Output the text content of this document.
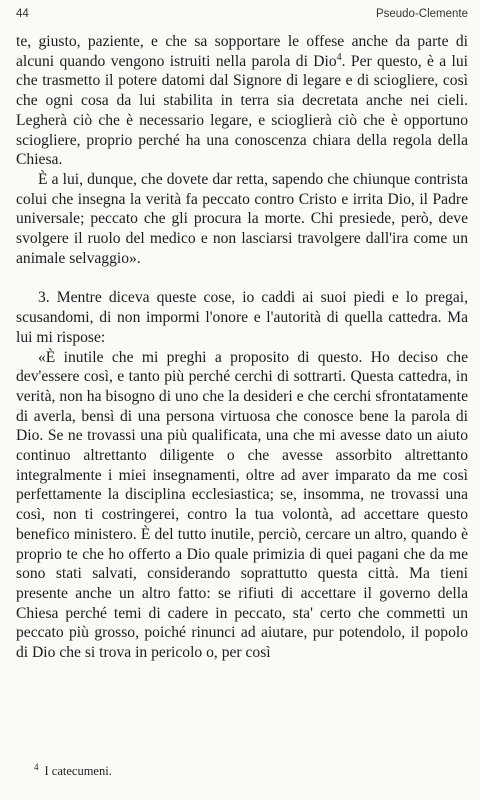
44	Pseudo-Clemente

te, giusto, paziente, e che sa sopportare le offese anche da parte di alcuni quando vengono istruiti nella parola di Dio$^4$. Per questo, è a lui che trasmetto il potere datomi dal Signore di legare e di sciogliere, così che ogni cosa da lui stabilita in terra sia decretata anche nei cieli. Legherà ciò che è necessario legare, e scioglierà ciò che è opportuno sciogliere, proprio perché ha una conoscenza chiara della regola della Chiesa.

È a lui, dunque, che dovete dar retta, sapendo che chiunque contrista colui che insegna la verità fa peccato contro Cristo e irrita Dio, il Padre universale; peccato che gli procura la morte. Chi presiede, però, deve svolgere il ruolo del medico e non lasciarsi travolgere dall'ira come un animale selvaggio».

3. Mentre diceva queste cose, io caddi ai suoi piedi e lo pregai, scusandomi, di non impormi l'onore e l'autorità di quella cattedra. Ma lui mi rispose:

«È inutile che mi preghi a proposito di questo. Ho deciso che dev'essere così, e tanto più perché cerchi di sottrarti. Questa cattedra, in verità, non ha bisogno di uno che la desideri e che cerchi sfrontatamente di averla, bensì di una persona virtuosa che conosce bene la parola di Dio. Se ne trovassi una più qualificata, una che mi avesse dato un aiuto continuo altrettanto diligente o che avesse assorbito altrettanto integralmente i miei insegnamenti, oltre ad aver imparato da me così perfettamente la disciplina ecclesiastica; se, insomma, ne trovassi una così, non ti costringerei, contro la tua volontà, ad accettare questo benefico ministero. È del tutto inutile, perciò, cercare un altro, quando è proprio te che ho offerto a Dio quale primizia di quei pagani che da me sono stati salvati, considerando soprattutto questa città. Ma tieni presente anche un altro fatto: se rifiuti di accettare il governo della Chiesa perché temi di cadere in peccato, sta' certo che commetti un peccato più grosso, poiché rinunci ad aiutare, pur potendolo, il popolo di Dio che si trova in pericolo o, per così

$^4$ I catecumeni.
